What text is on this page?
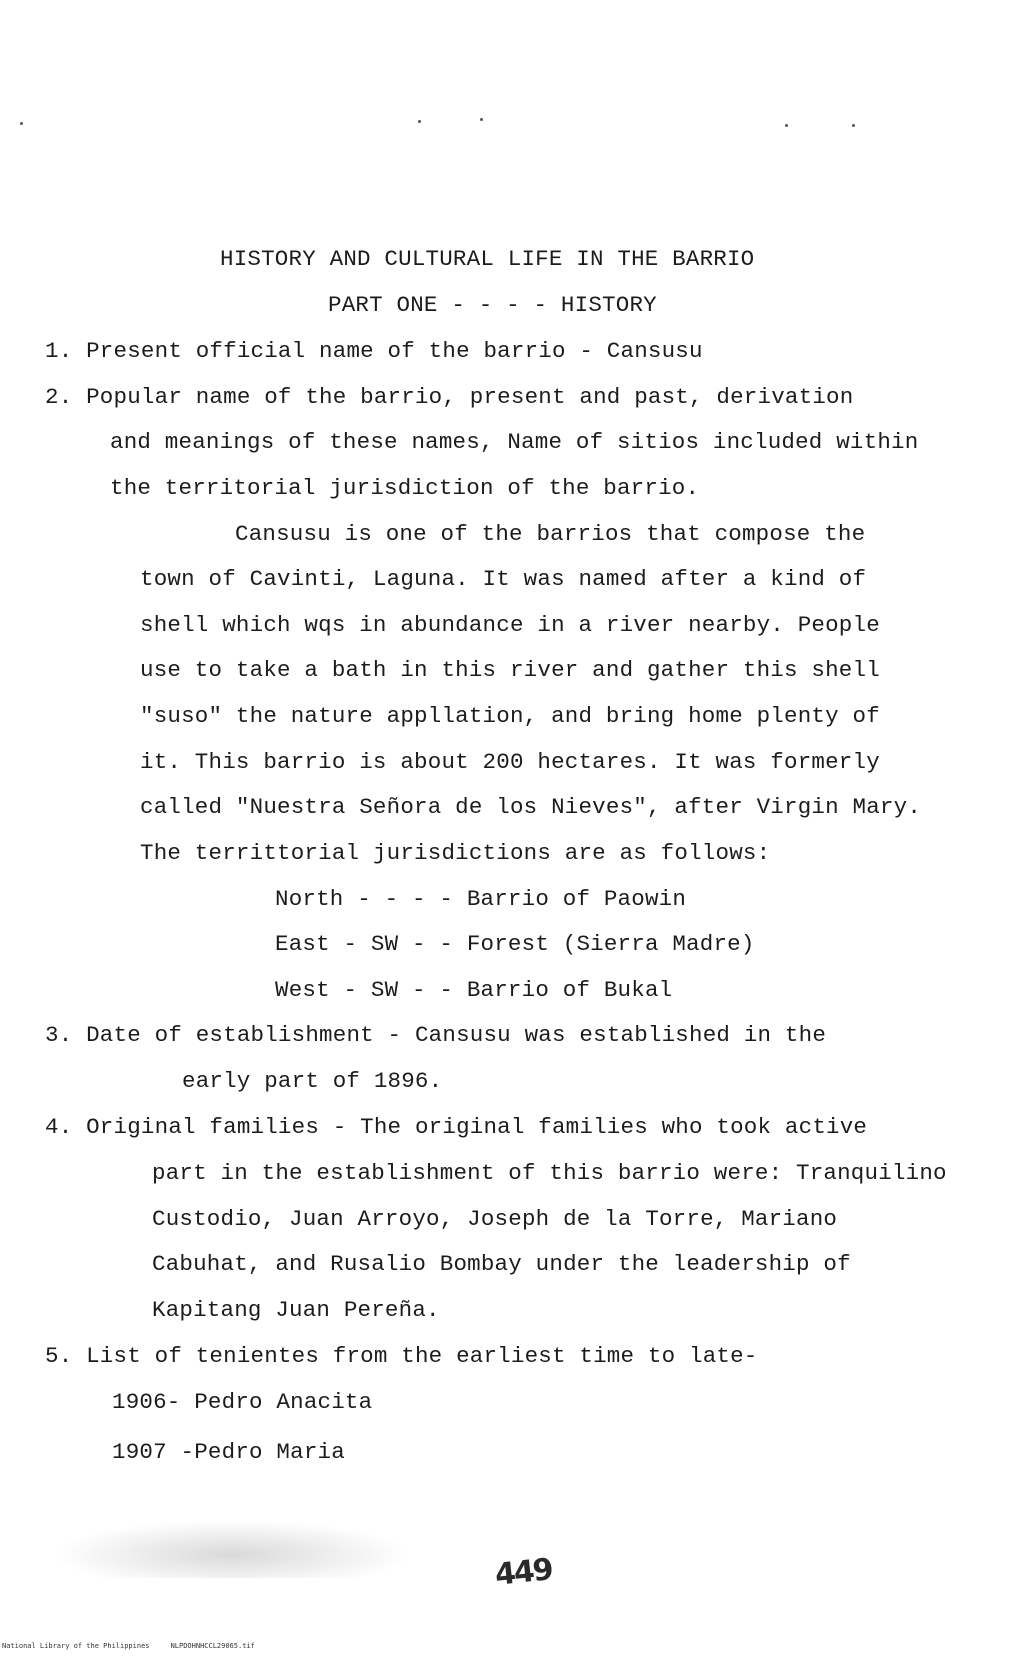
HISTORY AND CULTURAL LIFE IN THE BARRIO
PART ONE - - - - HISTORY
1. Present official name of the barrio - Cansusu
2. Popular name of the barrio, present and past, derivation
and meanings of these names, Name of sitios included within
the territorial jurisdiction of the barrio.
Cansusu is one of the barrios that compose the
town of Cavinti, Laguna. It was named after a kind of
shell which wqs in abundance in a river nearby. People
use to take a bath in this river and gather this shell
"suso" the nature appllation, and bring home plenty of
it. This barrio is about 200 hectares. It was formerly
called "Nuestra Señora de los Nieves", after Virgin Mary.
The territtorial jurisdictions are as follows:
North - - - - Barrio of Paowin
East - SW - - Forest (Sierra Madre)
West - SW - - Barrio of Bukal
3. Date of establishment - Cansusu was established in the
early part of 1896.
4. Original families - The original families who took active
part in the establishment of this barrio were: Tranquilino
Custodio, Juan Arroyo, Joseph de la Torre, Mariano
Cabuhat, and Rusalio Bombay under the leadership of
Kapitang Juan Pereña.
5. List of tenientes from the earliest time to late-
1906- Pedro Anacita
1907 -Pedro Maria
449
National Library of the Philippines     NLPDOHNHCCL29065.tif
